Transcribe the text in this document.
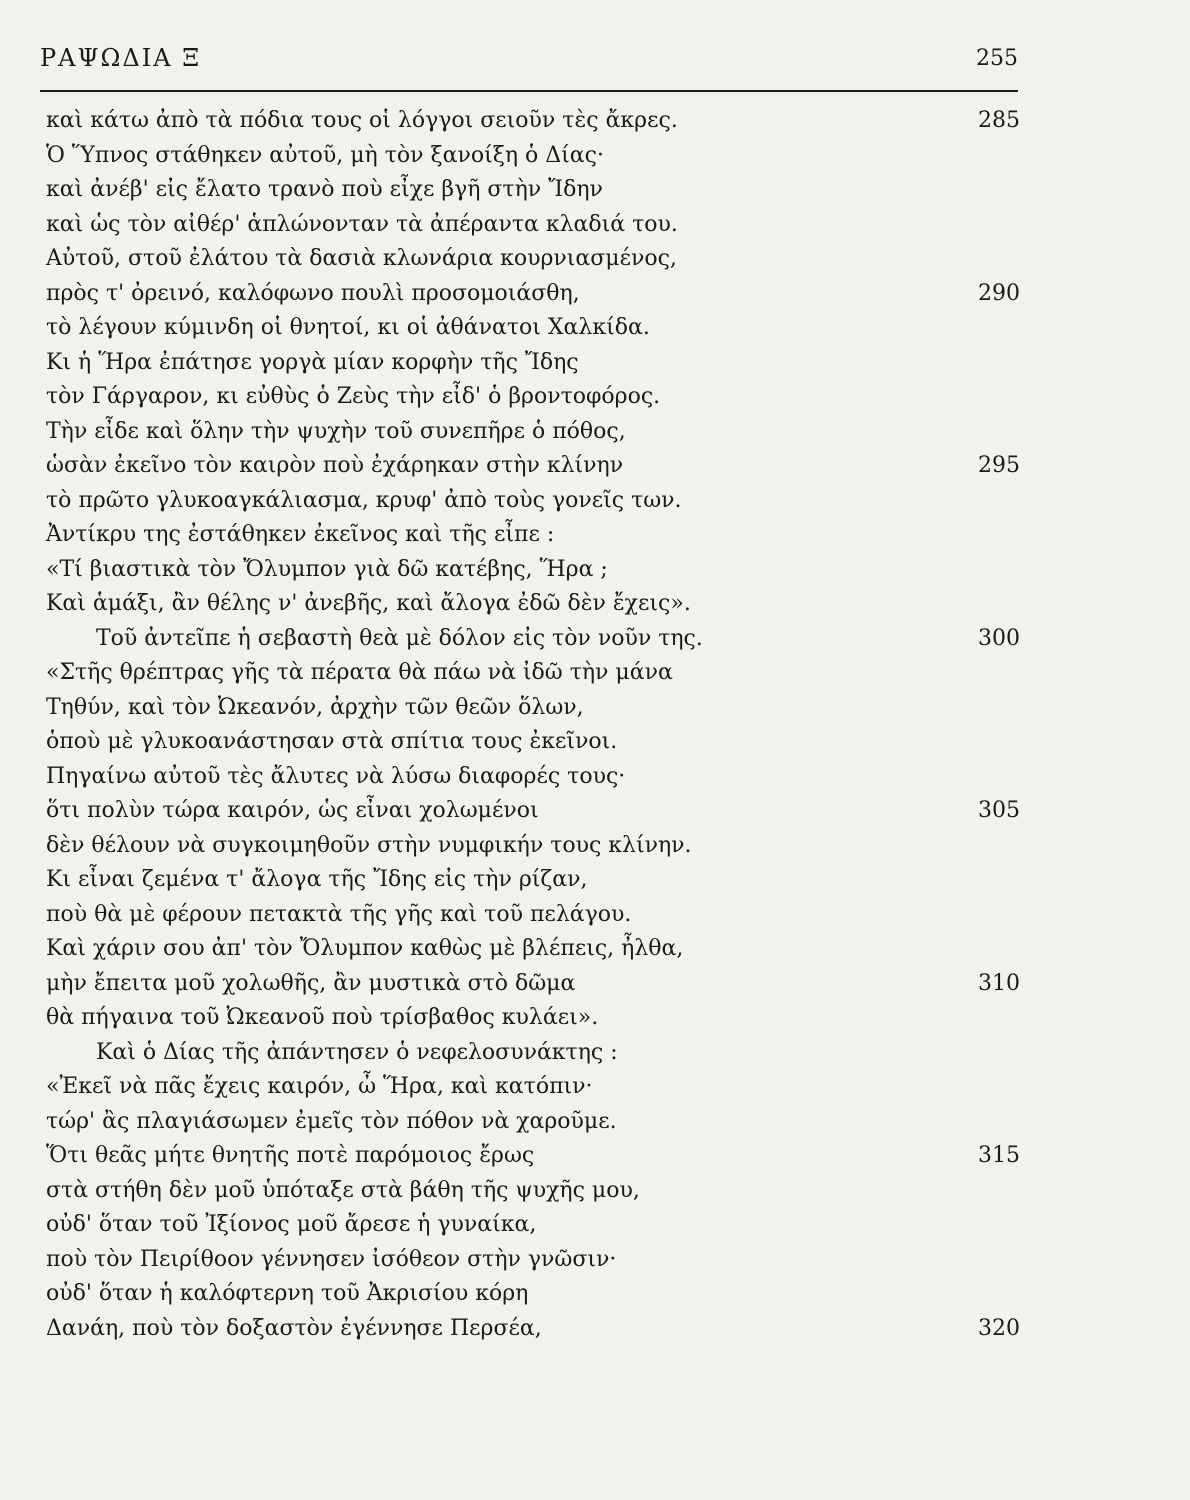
ΡΑΨΩΔΙΑ Ξ	255
καὶ κάτω ἀπὸ τὰ πόδια τους οἱ λόγγοι σειοῦν τὲς ἄκρες.	285
Ὁ Ὕπνος στάθηκεν αὐτοῦ, μὴ τὸν ξανοίξη ὁ Δίας·
καὶ ἀνέβ' εἰς ἔλατο τρανὸ ποὺ εἶχε βγῆ στὴν Ἴδην
καὶ ὡς τὸν αἰθέρ' ἁπλώνονταν τὰ ἀπέραντα κλαδιά του.
Αὐτοῦ, στοῦ ἐλάτου τὰ δασιὰ κλωνάρια κουρνιασμένος,
πρὸς τ' ὀρεινό, καλόφωνο πουλὶ προσομοιάσθη,	290
τὸ λέγουν κύμινδη οἱ θνητοί, κι οἱ ἀθάνατοι Χαλκίδα.
Κι ἡ Ἥρα ἐπάτησε γοργὰ μίαν κορφὴν τῆς Ἴδης
τὸν Γάργαρον, κι εὐθὺς ὁ Ζεὺς τὴν εἶδ' ὁ βροντοφόρος.
Τὴν εἶδε καὶ ὅλην τὴν ψυχὴν τοῦ συνεπῆρε ὁ πόθος,
ὡσὰν ἐκεῖνο τὸν καιρὸν ποὺ ἐχάρηκαν στὴν κλίνην	295
τὸ πρῶτο γλυκοαγκάλιασμα, κρυφ' ἀπὸ τοὺς γονεῖς των.
Ἀντίκρυ της ἐστάθηκεν ἐκεῖνος καὶ τῆς εἶπε :
«Τί βιαστικὰ τὸν Ὄλυμπον γιὰ δῶ κατέβης, Ἥρα ;
Καὶ ἁμάξι, ἂν θέλης ν' ἀνεβῆς, καὶ ἄλογα ἐδῶ δὲν ἔχεις».
Τοῦ ἀντεῖπε ἡ σεβαστὴ θεὰ μὲ δόλον εἰς τὸν νοῦν της.	300
«Στῆς θρέπτρας γῆς τὰ πέρατα θὰ πάω νὰ ἰδῶ τὴν μάνα
Τηθύν, καὶ τὸν Ὠκεανόν, ἀρχὴν τῶν θεῶν ὅλων,
ὁποὺ μὲ γλυκοανάστησαν στὰ σπίτια τους ἐκεῖνοι.
Πηγαίνω αὐτοῦ τὲς ἄλυτες νὰ λύσω διαφορές τους·
ὅτι πολὺν τώρα καιρόν, ὡς εἶναι χολωμένοι	305
δὲν θέλουν νὰ συγκοιμηθοῦν στὴν νυμφικήν τους κλίνην.
Κι εἶναι ζεμένα τ' ἄλογα τῆς Ἴδης εἰς τὴν ρίζαν,
ποὺ θὰ μὲ φέρουν πετακτὰ τῆς γῆς καὶ τοῦ πελάγου.
Καὶ χάριν σου ἀπ' τὸν Ὄλυμπον καθὼς μὲ βλέπεις, ἦλθα,
μὴν ἔπειτα μοῦ χολωθῆς, ἂν μυστικὰ στὸ δῶμα	310
θὰ πήγαινα τοῦ Ὠκεανοῦ ποὺ τρίσβαθος κυλάει».
Καὶ ὁ Δίας τῆς ἀπάντησεν ὁ νεφελοσυνάκτης :
«Ἐκεῖ νὰ πᾶς ἔχεις καιρόν, ὦ Ἥρα, καὶ κατόπιν·
τώρ' ἂς πλαγιάσωμεν ἐμεῖς τὸν πόθον νὰ χαροῦμε.
Ὅτι θεᾶς μήτε θνητῆς ποτὲ παρόμοιος ἔρως	315
στὰ στήθη δὲν μοῦ ὑπόταξε στὰ βάθη τῆς ψυχῆς μου,
οὐδ' ὅταν τοῦ Ἰξίονος μοῦ ἄρεσε ἡ γυναίκα,
ποὺ τὸν Πειρίθοον γέννησεν ἰσόθεον στὴν γνῶσιν·
οὐδ' ὅταν ἡ καλόφτερνη τοῦ Ἀκρισίου κόρη
Δανάη, ποὺ τὸν δοξαστὸν ἐγέννησε Περσέα,	320
